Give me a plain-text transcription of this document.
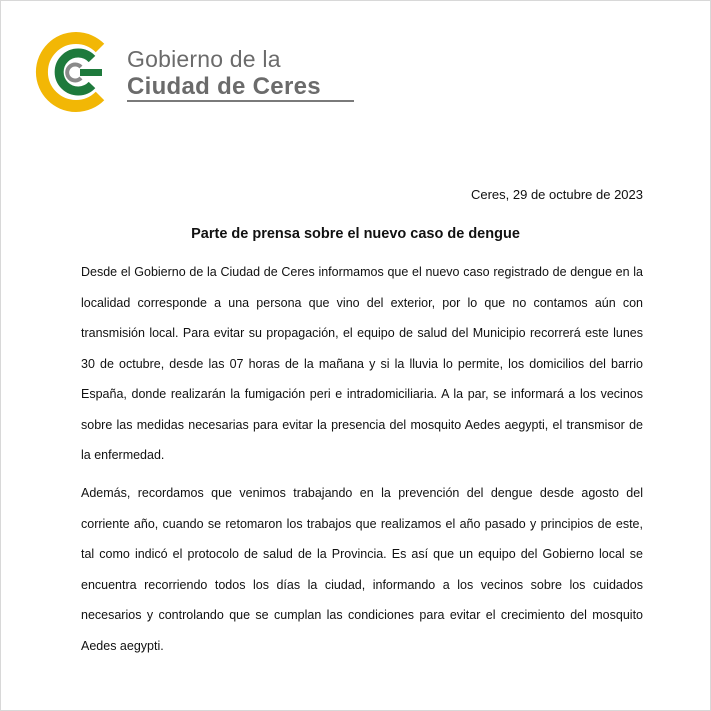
Gobierno de la
Ciudad de Ceres
Ceres, 29 de octubre de 2023
Parte de prensa sobre el nuevo caso de dengue

Desde el Gobierno de la Ciudad de Ceres informamos que el nuevo caso registrado de dengue en la localidad corresponde a una persona que vino del exterior, por lo que no contamos aún con transmisión local. Para evitar su propagación, el equipo de salud del Municipio recorrerá este lunes 30 de octubre, desde las 07 horas de la mañana y si la lluvia lo permite, los domicilios del barrio España, donde realizarán la fumigación peri e intradomiciliaria. A la par, se informará a los vecinos sobre las medidas necesarias para evitar la presencia del mosquito Aedes aegypti, el transmisor de la enfermedad.

Además, recordamos que venimos trabajando en la prevención del dengue desde agosto del corriente año, cuando se retomaron los trabajos que realizamos el año pasado y principios de este, tal como indicó el protocolo de salud de la Provincia. Es así que un equipo del Gobierno local se encuentra recorriendo todos los días la ciudad, informando a los vecinos sobre los cuidados necesarios y controlando que se cumplan las condiciones para evitar el crecimiento del mosquito Aedes aegypti.
